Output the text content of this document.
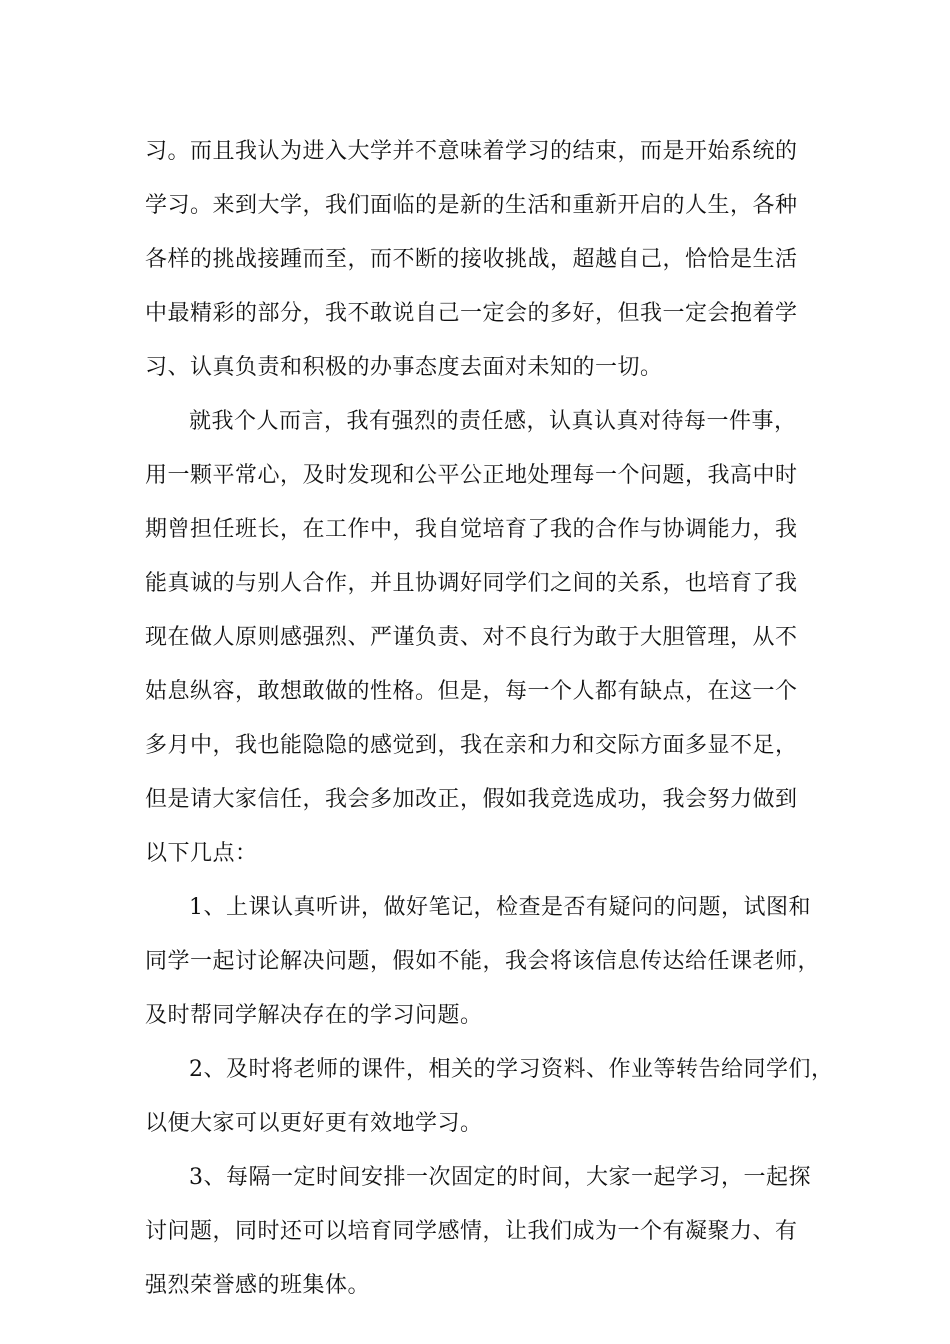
习。而且我认为进入大学并不意味着学习的结束，而是开始系统的
学习。来到大学，我们面临的是新的生活和重新开启的人生，各种
各样的挑战接踵而至，而不断的接收挑战，超越自己，恰恰是生活
中最精彩的部分，我不敢说自己一定会的多好，但我一定会抱着学
习、认真负责和积极的办事态度去面对未知的一切。
就我个人而言，我有强烈的责任感，认真认真对待每一件事，
用一颗平常心，及时发现和公平公正地处理每一个问题，我高中时
期曾担任班长，在工作中，我自觉培育了我的合作与协调能力，我
能真诚的与别人合作，并且协调好同学们之间的关系，也培育了我
现在做人原则感强烈、严谨负责、对不良行为敢于大胆管理，从不
姑息纵容，敢想敢做的性格。但是，每一个人都有缺点，在这一个
多月中，我也能隐隐的感觉到，我在亲和力和交际方面多显不足，
但是请大家信任，我会多加改正，假如我竞选成功，我会努力做到
以下几点：
1、上课认真听讲，做好笔记，检查是否有疑问的问题，试图和
同学一起讨论解决问题，假如不能，我会将该信息传达给任课老师，
及时帮同学解决存在的学习问题。
2、及时将老师的课件，相关的学习资料、作业等转告给同学们，
以便大家可以更好更有效地学习。
3、每隔一定时间安排一次固定的时间，大家一起学习，一起探
讨问题，同时还可以培育同学感情，让我们成为一个有凝聚力、有
强烈荣誉感的班集体。
